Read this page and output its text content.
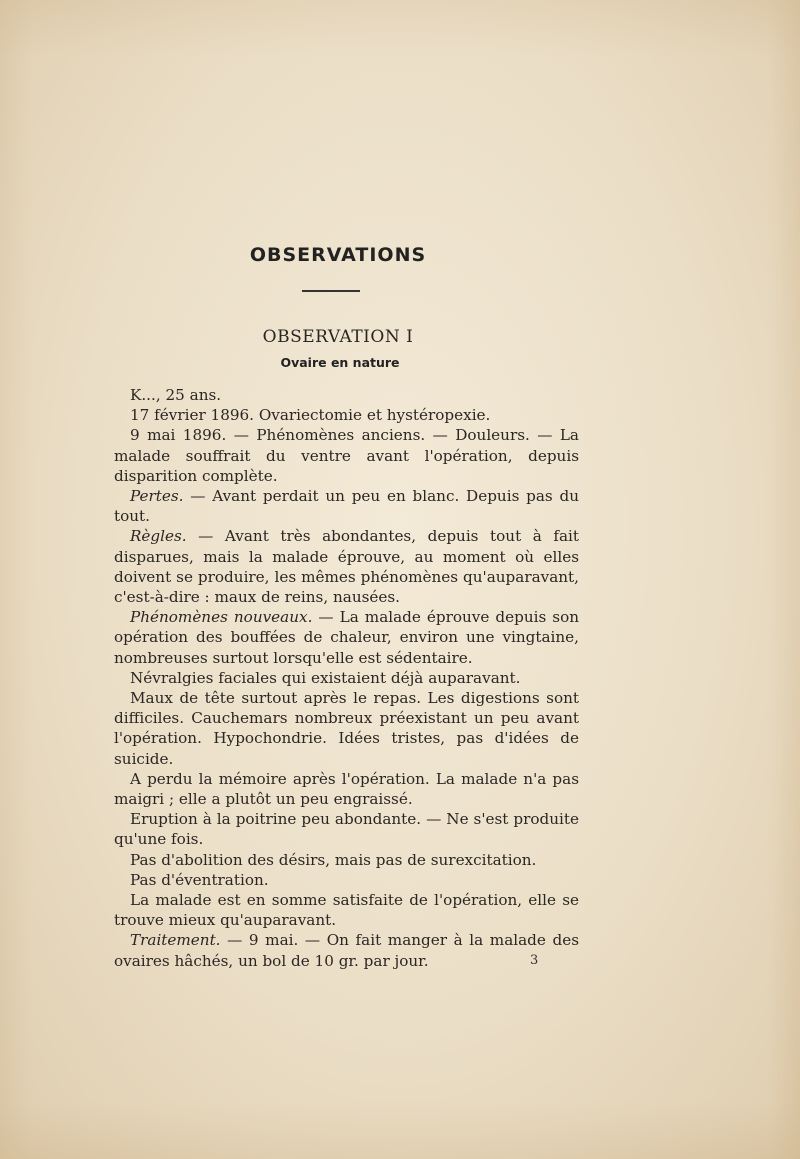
OBSERVATIONS
OBSERVATION I
Ovaire en nature

K..., 25 ans.

17 février 1896. Ovariectomie et hystéropexie.

9 mai 1896. — Phénomènes anciens. — Douleurs. — La malade souffrait du ventre avant l'opération, depuis disparition complète.

Pertes. — Avant perdait un peu en blanc. Depuis pas du tout.

Règles. — Avant très abondantes, depuis tout à fait disparues, mais la malade éprouve, au moment où elles doivent se produire, les mêmes phénomènes qu'auparavant, c'est-à-dire : maux de reins, nausées.

Phénomènes nouveaux. — La malade éprouve depuis son opération des bouffées de chaleur, environ une vingtaine, nombreuses surtout lorsqu'elle est sédentaire.

Névralgies faciales qui existaient déjà auparavant.

Maux de tête surtout après le repas. Les digestions sont difficiles. Cauchemars nombreux préexistant un peu avant l'opération. Hypochondrie. Idées tristes, pas d'idées de suicide.

A perdu la mémoire après l'opération. La malade n'a pas maigri ; elle a plutôt un peu engraissé.

Eruption à la poitrine peu abondante. — Ne s'est produite qu'une fois.

Pas d'abolition des désirs, mais pas de surexcitation.

Pas d'éventration.

La malade est en somme satisfaite de l'opération, elle se trouve mieux qu'auparavant.

Traitement. — 9 mai. — On fait manger à la malade des ovaires hâchés, un bol de 10 gr. par jour.	3
